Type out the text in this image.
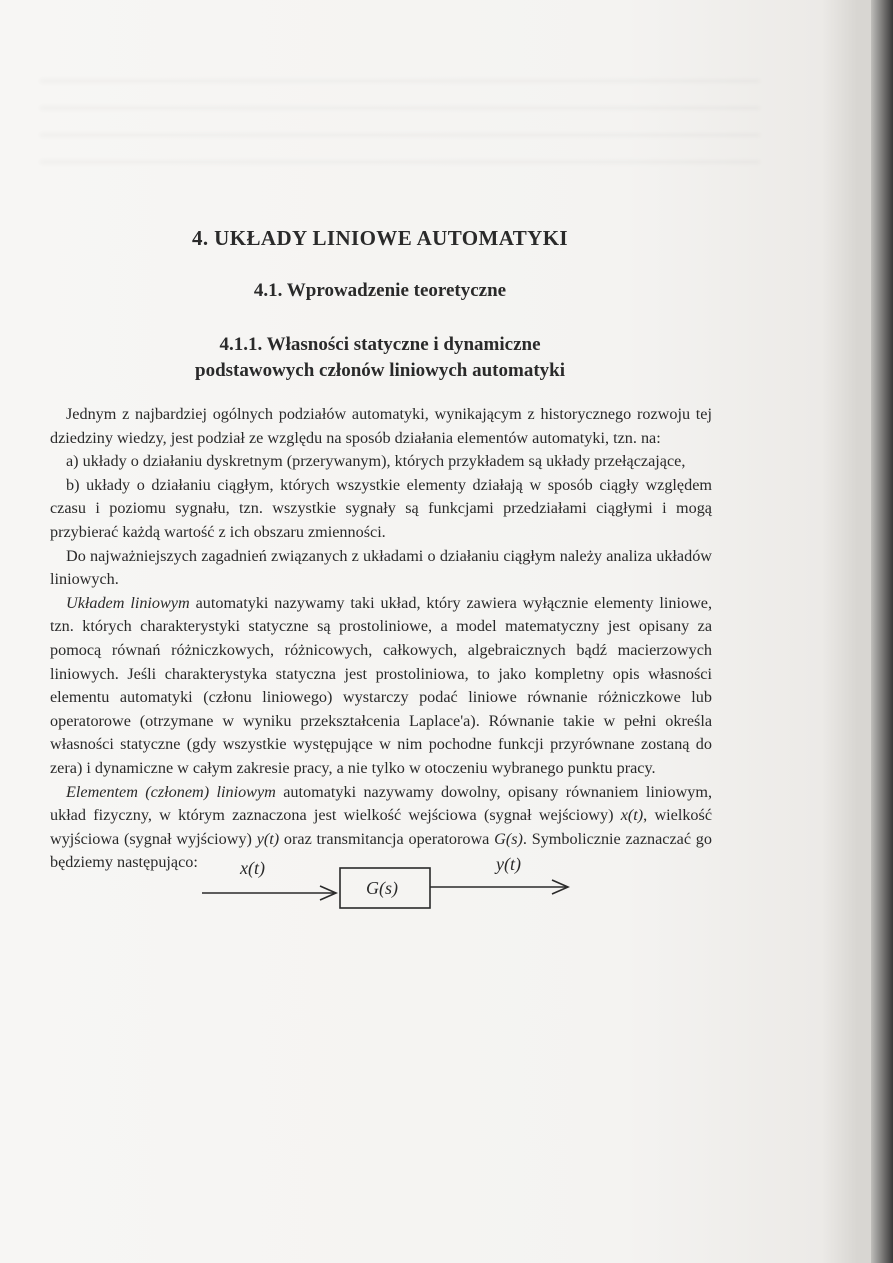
4. UKŁADY LINIOWE AUTOMATYKI
4.1. Wprowadzenie teoretyczne
4.1.1. Własności statyczne i dynamiczne
podstawowych członów liniowych automatyki

Jednym z najbardziej ogólnych podziałów automatyki, wynikającym z historycznego rozwoju tej dziedziny wiedzy, jest podział ze względu na sposób działania elementów automatyki, tzn. na:

a) układy o działaniu dyskretnym (przerywanym), których przykładem są układy przełączające,

b) układy o działaniu ciągłym, których wszystkie elementy działają w sposób ciągły względem czasu i poziomu sygnału, tzn. wszystkie sygnały są funkcjami przedziałami ciągłymi i mogą przybierać każdą wartość z ich obszaru zmienności.

Do najważniejszych zagadnień związanych z układami o działaniu ciągłym należy analiza układów liniowych.

Układem liniowym automatyki nazywamy taki układ, który zawiera wyłącznie elementy liniowe, tzn. których charakterystyki statyczne są prostoliniowe, a model matematyczny jest opisany za pomocą równań różniczkowych, różnicowych, całkowych, algebraicznych bądź macierzowych liniowych. Jeśli charakterystyka statyczna jest prostoliniowa, to jako kompletny opis własności elementu automatyki (członu liniowego) wystarczy podać liniowe równanie różniczkowe lub operatorowe (otrzymane w wyniku przekształcenia Laplace'a). Równanie takie w pełni określa własności statyczne (gdy wszystkie występujące w nim pochodne funkcji przyrównane zostaną do zera) i dynamiczne w całym zakresie pracy, a nie tylko w otoczeniu wybranego punktu pracy.

Elementem (członem) liniowym automatyki nazywamy dowolny, opisany równaniem liniowym, układ fizyczny, w którym zaznaczona jest wielkość wejściowa (sygnał wejściowy) x(t), wielkość wyjściowa (sygnał wyjściowy) y(t) oraz transmitancja operatorowa G(s). Symbolicznie zaznaczać go będziemy następująco:	x(t)
G(s)
y(t)
